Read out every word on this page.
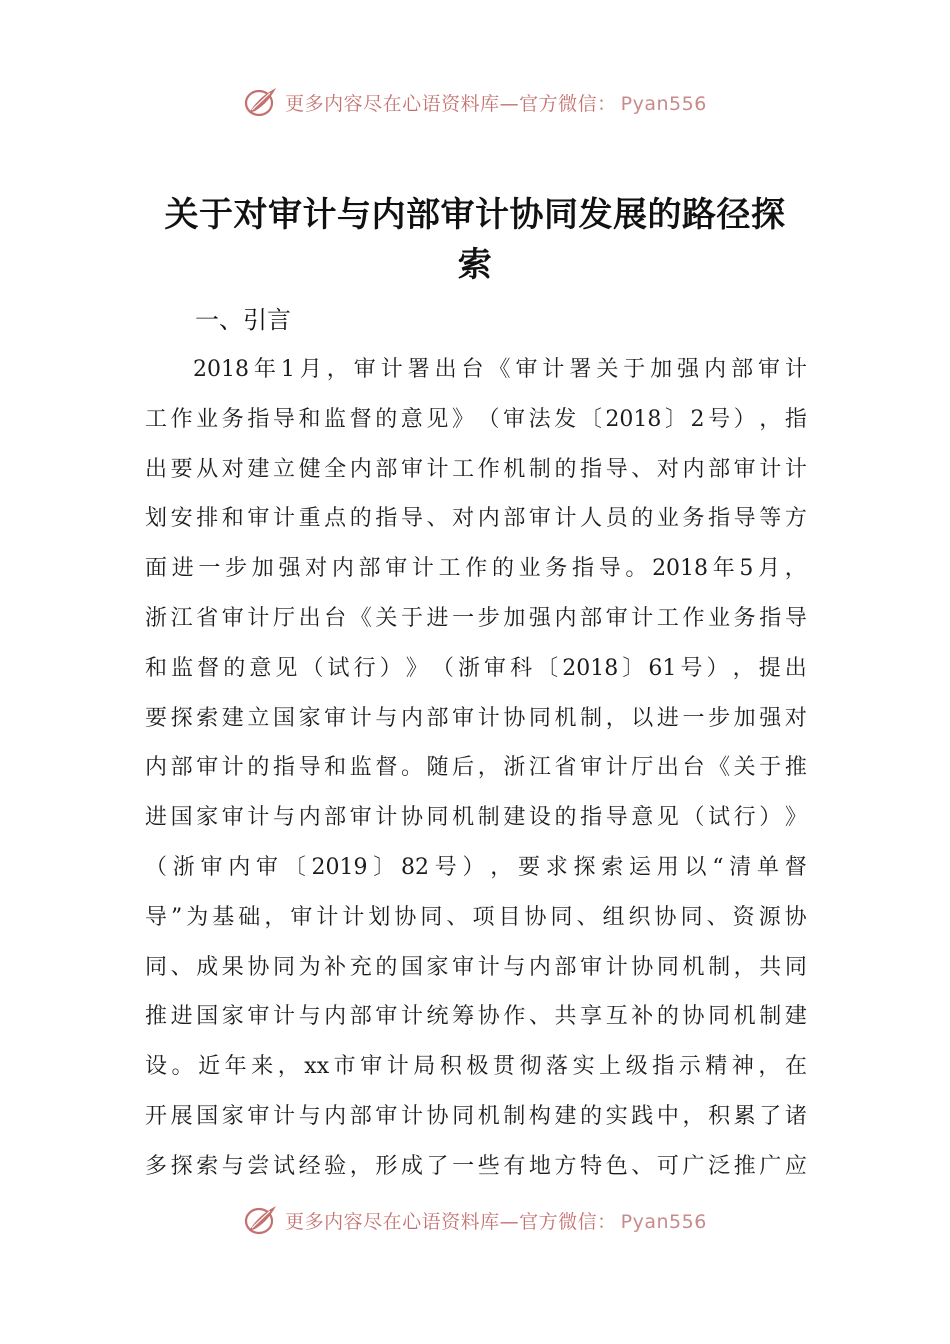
更多内容尽在心语资料库—官方微信： Pyan556
关于对审计与内部审计协同发展的路径探索
一、引言
2018 年 1 月 ， 审 计 署 出 台 《 审 计 署 关 于 加 强 内 部 审 计
工 作 业 务 指 导 和 监 督 的 意 见 》 （ 审 法 发 〔 2018 〕 2 号 ） ， 指
出 要 从 对 建 立 健 全 内 部 审 计 工 作 机 制 的 指 导 、 对 内 部 审 计 计
划 安 排 和 审 计 重 点 的 指 导 、 对 内 部 审 计 人 员 的 业 务 指 导 等 方
面 进 一 步 加 强 对 内 部 审 计 工 作 的 业 务 指 导 。 2018 年 5 月 ，
浙 江 省 审 计 厅 出 台 《 关 于 进 一 步 加 强 内 部 审 计 工 作 业 务 指 导
和 监 督 的 意 见 （ 试 行 ） 》 （ 浙 审 科 〔 2018 〕 61 号 ） ， 提 出
要 探 索 建 立 国 家 审 计 与 内 部 审 计 协 同 机 制 ， 以 进 一 步 加 强 对
内 部 审 计 的 指 导 和 监 督 。 随 后 ， 浙 江 省 审 计 厅 出 台 《 关 于 推
进 国 家 审 计 与 内 部 审 计 协 同 机 制 建 设 的 指 导 意 见 （ 试 行 ） 》
（ 浙 审 内 审 〔 2019 〕 82 号 ） ， 要 求 探 索 运 用 以 “ 清 单 督
导 ” 为 基 础 ， 审 计 计 划 协 同 、 项 目 协 同 、 组 织 协 同 、 资 源 协
同 、 成 果 协 同 为 补 充 的 国 家 审 计 与 内 部 审 计 协 同 机 制 ， 共 同
推 进 国 家 审 计 与 内 部 审 计 统 筹 协 作 、 共 享 互 补 的 协 同 机 制 建
设 。 近 年 来 ， xx 市 审 计 局 积 极 贯 彻 落 实 上 级 指 示 精 神 ， 在
开 展 国 家 审 计 与 内 部 审 计 协 同 机 制 构 建 的 实 践 中 ， 积 累 了 诸
多 探 索 与 尝 试 经 验 ， 形 成 了 一 些 有 地 方 特 色 、 可 广 泛 推 广 应
更多内容尽在心语资料库—官方微信： Pyan556
